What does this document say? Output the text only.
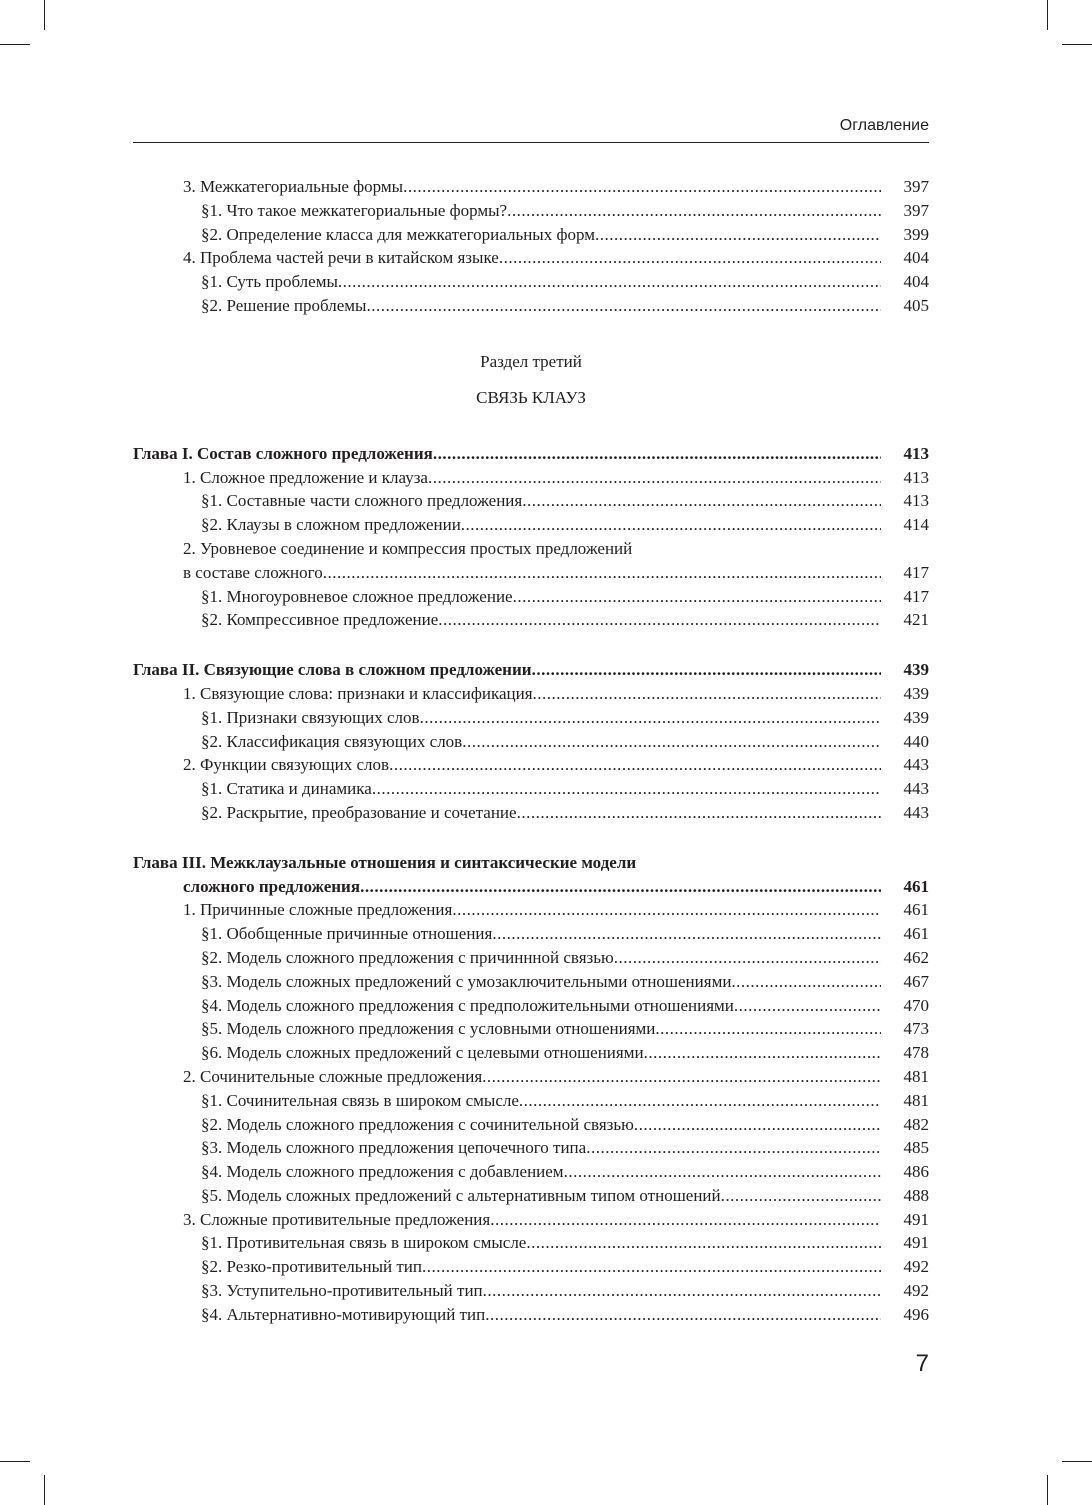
Оглавление
3. Межкатегориальные формы .....	397
§1. Что такое межкатегориальные формы? .....	397
§2. Определение класса для межкатегориальных форм .....	399
4. Проблема частей речи в китайском языке .....	404
§1. Суть проблемы .....	404
§2. Решение проблемы .....	405
Раздел третий
СВЯЗЬ КЛАУЗ
Глава I. Состав сложного предложения .....	413
1. Сложное предложение и клауза .....	413
§1. Составные части сложного предложения .....	413
§2. Клаузы в сложном предложении .....	414
2. Уровневое соединение и компрессия простых предложений
в составе сложного .....	417
§1. Многоуровневое сложное предложение .....	417
§2. Компрессивное предложение .....	421
Глава II. Связующие слова в сложном предложении .....	439
1. Связующие слова: признаки и классификация .....	439
§1. Признаки связующих слов .....	439
§2. Классификация связующих слов .....	440
2. Функции связующих слов .....	443
§1. Статика и динамика .....	443
§2. Раскрытие, преобразование и сочетание .....	443
Глава III. Межклаузальные отношения и синтаксические модели
сложного предложения .....	461
1. Причинные сложные предложения .....	461
§1. Обобщенные причинные отношения .....	461
§2. Модель сложного предложения с причиннной связью .....	462
§3. Модель сложных предложений с умозаключительными отношениями .....	467
§4. Модель сложного предложения с предположительными отношениями .....	470
§5. Модель сложного предложения с условными отношениями .....	473
§6. Модель сложных предложений с целевыми отношениями .....	478
2. Сочинительные сложные предложения .....	481
§1. Сочинительная связь в широком смысле .....	481
§2. Модель сложного предложения с сочинительной связью .....	482
§3. Модель сложного предложения цепочечного типа .....	485
§4. Модель сложного предложения с добавлением .....	486
§5. Модель сложных предложений с альтернативным типом отношений .....	488
3. Сложные противительные предложения .....	491
§1. Противительная связь в широком смысле .....	491
§2. Резко-противительный тип .....	492
§3. Уступительно-противительный тип .....	492
§4. Альтернативно-мотивирующий тип .....	496
7
